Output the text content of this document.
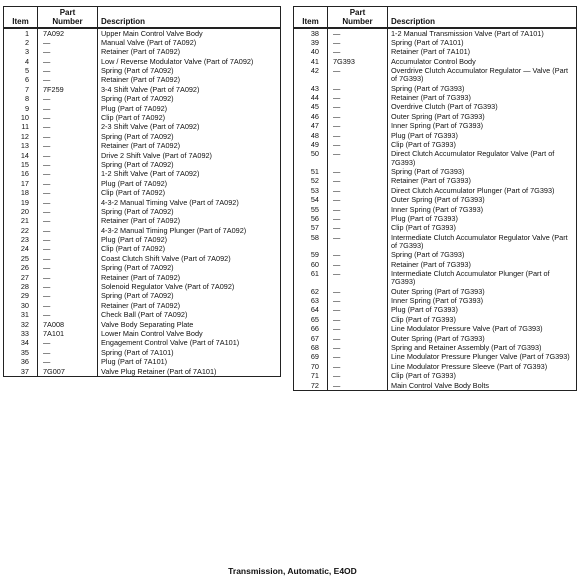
Item	Part
Number	Description
1	7A092	Upper Main Control Valve Body
2	—	Manual Valve (Part of 7A092)
3	—	Retainer (Part of 7A092)
4	—	Low / Reverse Modulator Valve (Part of 7A092)
5	—	Spring (Part of 7A092)
6	—	Retainer (Part of 7A092)
7	7F259	3-4 Shift Valve (Part of 7A092)
8	—	Spring (Part of 7A092)
9	—	Plug (Part of 7A092)
10	—	Clip (Part of 7A092)
11	—	2-3 Shift Valve (Part of 7A092)
12	—	Spring (Part of 7A092)
13	—	Retainer (Part of 7A092)
14	—	Drive 2 Shift Valve (Part of 7A092)
15	—	Spring (Part of 7A092)
16	—	1-2 Shift Valve (Part of 7A092)
17	—	Plug (Part of 7A092)
18	—	Clip (Part of 7A092)
19	—	4-3-2 Manual Timing Valve (Part of 7A092)
20	—	Spring (Part of 7A092)
21	—	Retainer (Part of 7A092)
22	—	4-3-2 Manual Timing Plunger (Part of 7A092)
23	—	Plug (Part of 7A092)
24	—	Clip (Part of 7A092)
25	—	Coast Clutch Shift Valve (Part of 7A092)
26	—	Spring (Part of 7A092)
27	—	Retainer (Part of 7A092)
28	—	Solenoid Regulator Valve (Part of 7A092)
29	—	Spring (Part of 7A092)
30	—	Retainer (Part of 7A092)
31	—	Check Ball (Part of 7A092)
32	7A008	Valve Body Separating Plate
33	7A101	Lower Main Control Valve Body
34	—	Engagement Control Valve (Part of 7A101)
35	—	Spring (Part of 7A101)
36	—	Plug (Part of 7A101)
37	7G007	Valve Plug Retainer (Part of 7A101)
Item	Part
Number	Description
38	—	1-2 Manual Transmission Valve (Part of 7A101)
39	—	Spring (Part of 7A101)
40	—	Retainer (Part of 7A101)
41	7G393	Accumulator Control Body
42	—	Overdrive Clutch Accumulator Regulator — Valve (Part of 7G393)
43	—	Spring (Part of 7G393)
44	—	Retainer (Part of 7G393)
45	—	Overdrive Clutch (Part of 7G393)
46	—	Outer Spring (Part of 7G393)
47	—	Inner Spring (Part of 7G393)
48	—	Plug (Part of 7G393)
49	—	Clip (Part of 7G393)
50	—	Direct Clutch Accumulator Regulator Valve (Part of 7G393)
51	—	Spring (Part of 7G393)
52	—	Retainer (Part of 7G393)
53	—	Direct Clutch Accumulator Plunger (Part of 7G393)
54	—	Outer Spring (Part of 7G393)
55	—	Inner Spring (Part of 7G393)
56	—	Plug (Part of 7G393)
57	—	Clip (Part of 7G393)
58	—	Intermediate Clutch Accumulator Regulator Valve (Part of 7G393)
59	—	Spring (Part of 7G393)
60	—	Retainer (Part of 7G393)
61	—	Intermediate Clutch Accumulator Plunger (Part of 7G393)
62	—	Outer Spring (Part of 7G393)
63	—	Inner Spring (Part of 7G393)
64	—	Plug (Part of 7G393)
65	—	Clip (Part of 7G393)
66	—	Line Modulator Pressure Valve (Part of 7G393)
67	—	Outer Spring (Part of 7G393)
68	—	Spring and Retainer Assembly (Part of 7G393)
69	—	Line Modulator Pressure Plunger Valve (Part of 7G393)
70	—	Line Modulator Pressure Sleeve (Part of 7G393)
71	—	Clip (Part of 7G393)
72	—	Main Control Valve Body Bolts
Transmission, Automatic, E4OD
